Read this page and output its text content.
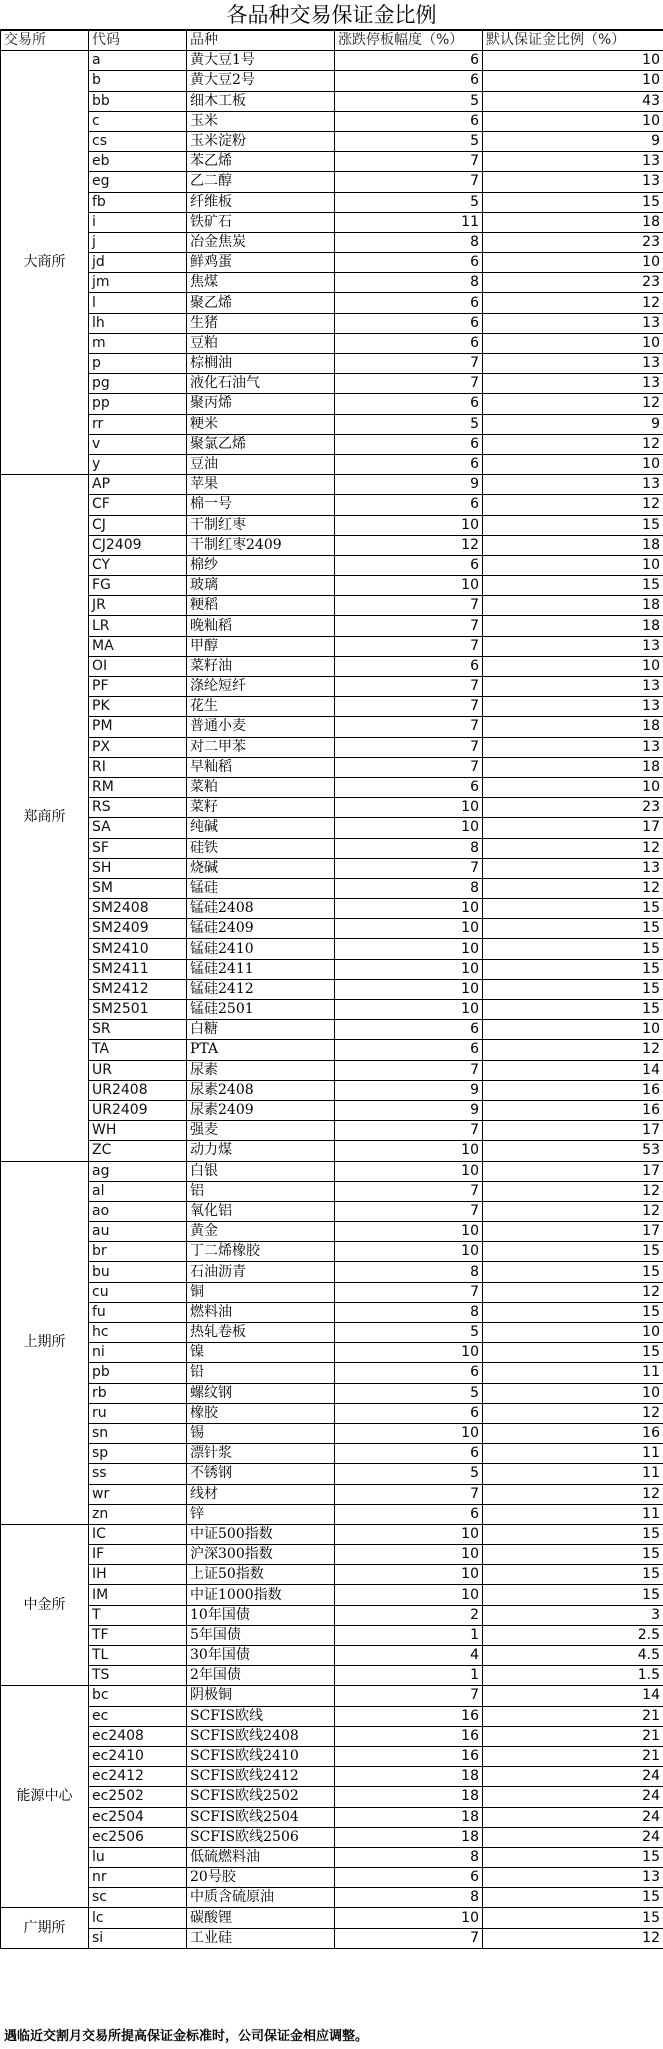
各品种交易保证金比例
交易所	代码	品种	涨跌停板幅度（%）	默认保证金比例（%）
大商所	a	黄大豆1号	6	10
	b	黄大豆2号	6	10
	bb	细木工板	5	43
	c	玉米	6	10
	cs	玉米淀粉	5	9
	eb	苯乙烯	7	13
	eg	乙二醇	7	13
	fb	纤维板	5	15
	i	铁矿石	11	18
	j	冶金焦炭	8	23
	jd	鲜鸡蛋	6	10
	jm	焦煤	8	23
	l	聚乙烯	6	12
	lh	生猪	6	13
	m	豆粕	6	10
	p	棕榈油	7	13
	pg	液化石油气	7	13
	pp	聚丙烯	6	12
	rr	粳米	5	9
	v	聚氯乙烯	6	12
	y	豆油	6	10
郑商所	AP	苹果	9	13
	CF	棉一号	6	12
	CJ	干制红枣	10	15
	CJ2409	干制红枣2409	12	18
	CY	棉纱	6	10
	FG	玻璃	10	15
	JR	粳稻	7	18
	LR	晚籼稻	7	18
	MA	甲醇	7	13
	OI	菜籽油	6	10
	PF	涤纶短纤	7	13
	PK	花生	7	13
	PM	普通小麦	7	18
	PX	对二甲苯	7	13
	RI	早籼稻	7	18
	RM	菜粕	6	10
	RS	菜籽	10	23
	SA	纯碱	10	17
	SF	硅铁	8	12
	SH	烧碱	7	13
	SM	锰硅	8	12
	SM2408	锰硅2408	10	15
	SM2409	锰硅2409	10	15
	SM2410	锰硅2410	10	15
	SM2411	锰硅2411	10	15
	SM2412	锰硅2412	10	15
	SM2501	锰硅2501	10	15
	SR	白糖	6	10
	TA	PTA	6	12
	UR	尿素	7	14
	UR2408	尿素2408	9	16
	UR2409	尿素2409	9	16
	WH	强麦	7	17
	ZC	动力煤	10	53
上期所	ag	白银	10	17
	al	铝	7	12
	ao	氧化铝	7	12
	au	黄金	10	17
	br	丁二烯橡胶	10	15
	bu	石油沥青	8	15
	cu	铜	7	12
	fu	燃料油	8	15
	hc	热轧卷板	5	10
	ni	镍	10	15
	pb	铅	6	11
	rb	螺纹钢	5	10
	ru	橡胶	6	12
	sn	锡	10	16
	sp	漂针浆	6	11
	ss	不锈钢	5	11
	wr	线材	7	12
	zn	锌	6	11
中金所	IC	中证500指数	10	15
	IF	沪深300指数	10	15
	IH	上证50指数	10	15
	IM	中证1000指数	10	15
	T	10年国债	2	3
	TF	5年国债	1	2.5
	TL	30年国债	4	4.5
	TS	2年国债	1	1.5
能源中心	bc	阴极铜	7	14
	ec	SCFIS欧线	16	21
	ec2408	SCFIS欧线2408	16	21
	ec2410	SCFIS欧线2410	16	21
	ec2412	SCFIS欧线2412	18	24
	ec2502	SCFIS欧线2502	18	24
	ec2504	SCFIS欧线2504	18	24
	ec2506	SCFIS欧线2506	18	24
	lu	低硫燃料油	8	15
	nr	20号胶	6	13
	sc	中质含硫原油	8	15
广期所	lc	碳酸锂	10	15
	si	工业硅	7	12
遇临近交割月交易所提高保证金标准时，公司保证金相应调整。
